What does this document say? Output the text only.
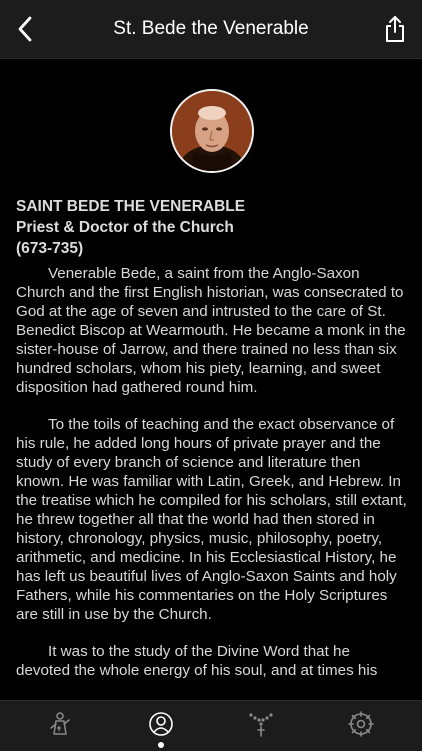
St. Bede the Venerable
SAINT BEDE THE VENERABLE
Priest & Doctor of the Church
(673-735)

Venerable Bede, a saint from the Anglo-Saxon Church and the first English historian, was consecrated to God at the age of seven and intrusted to the care of St. Benedict Biscop at Wearmouth. He became a monk in the sister-house of Jarrow, and there trained no less than six hundred scholars, whom his piety, learning, and sweet disposition had gathered round him.

To the toils of teaching and the exact observance of his rule, he added long hours of private prayer and the study of every branch of science and literature then known. He was familiar with Latin, Greek, and Hebrew. In the treatise which he compiled for his scholars, still extant, he threw together all that the world had then stored in history, chronology, physics, music, philosophy, poetry, arithmetic, and medicine. In his Ecclesiastical History, he has left us beautiful lives of Anglo-Saxon Saints and holy Fathers, while his commentaries on the Holy Scriptures are still in use by the Church.

It was to the study of the Divine Word that he devoted the whole energy of his soul, and at times his
